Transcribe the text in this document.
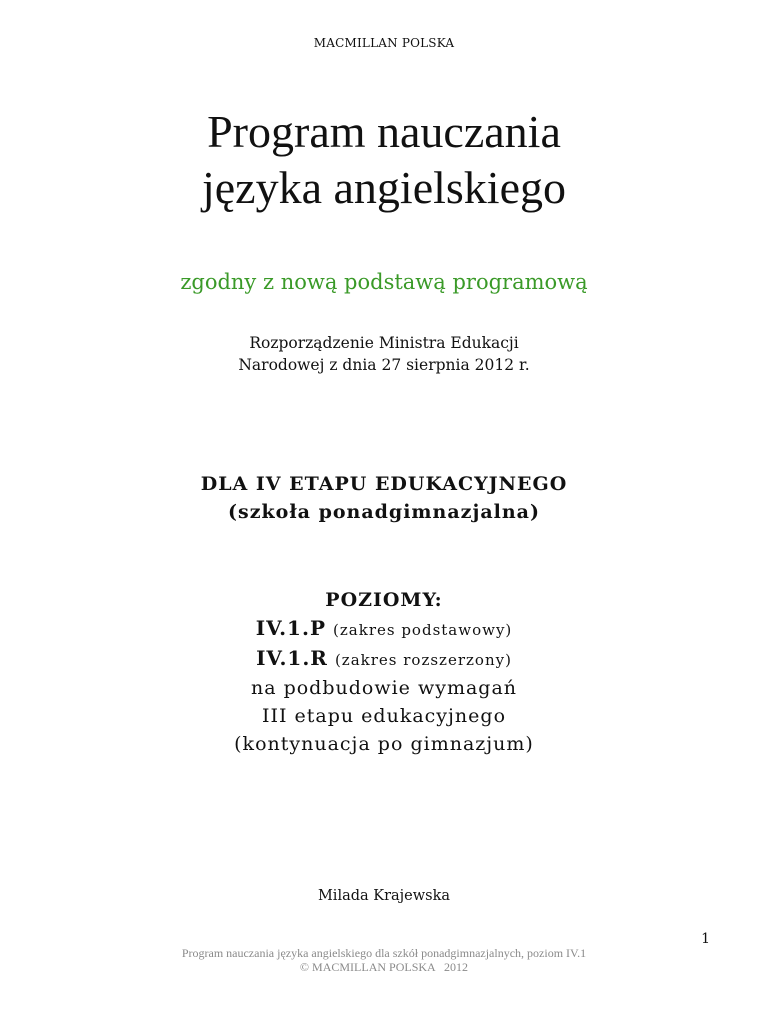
MACMILLAN POLSKA
Program nauczania
języka angielskiego
zgodny z nową podstawą programową
Rozporządzenie Ministra Edukacji
Narodowej z dnia 27 sierpnia 2012 r.
DLA IV ETAPU EDUKACYJNEGO
(szkoła ponadgimnazjalna)
POZIOMY:
IV.1.P (zakres podstawowy)
IV.1.R (zakres rozszerzony)
na podbudowie wymagań
III etapu edukacyjnego
(kontynuacja po gimnazjum)
Milada Krajewska
1
Program nauczania języka angielskiego dla szkół ponadgimnazjalnych, poziom IV.1
© MACMILLAN POLSKA   2012
